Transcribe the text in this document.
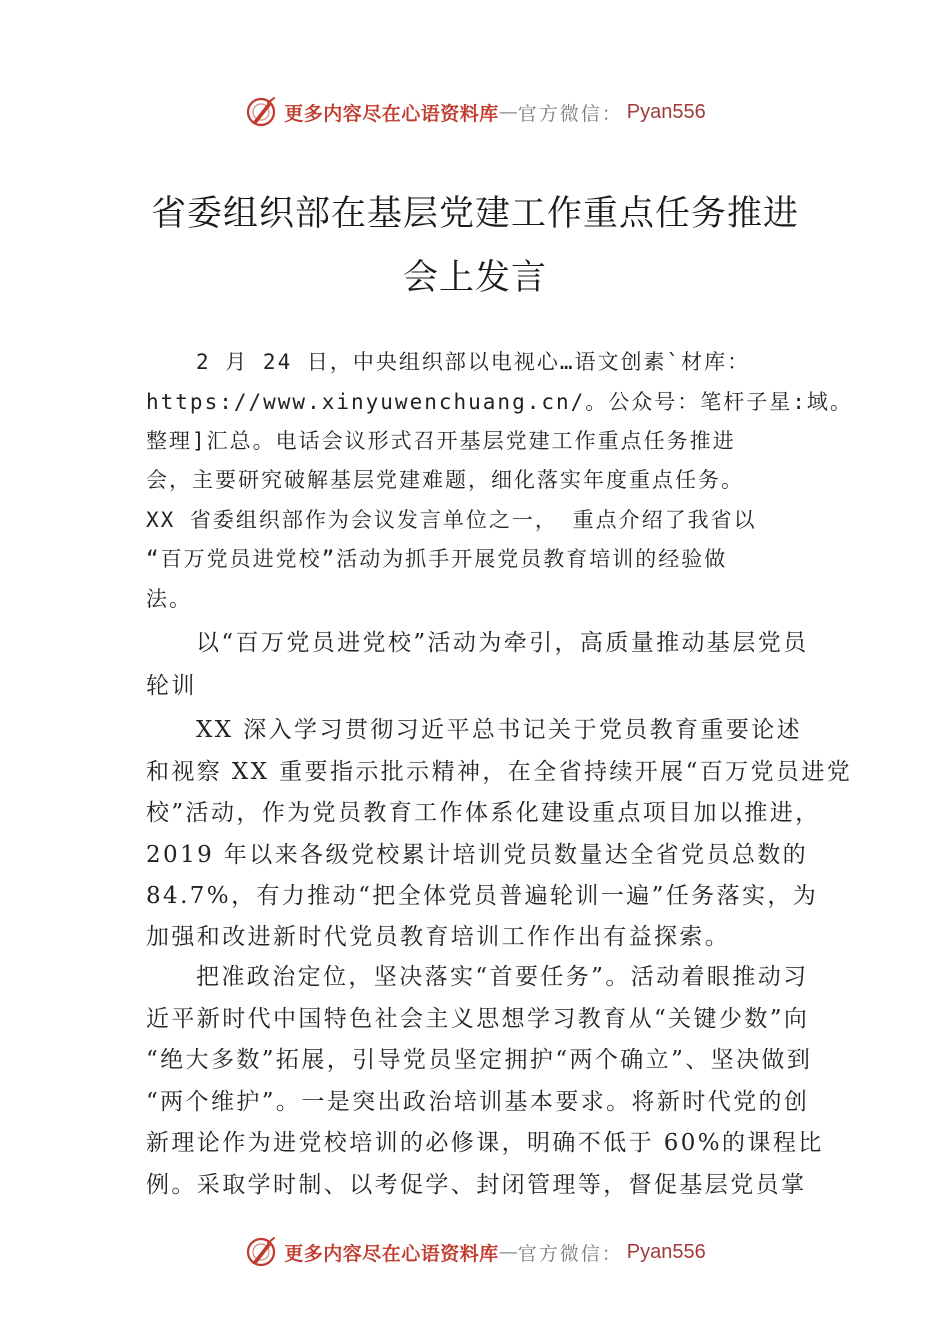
更多内容尽在心语资料库 — 官方微信： Pyan556
省委组织部在基层党建工作重点任务推进
会上发言
2 月 24 日，中央组织部以电视心…语文创素`材库：
https://www.xinyuwenchuang.cn/。公众号：笔杆子星:域。
整理]汇总。电话会议形式召开基层党建工作重点任务推进
会，主要研究破解基层党建难题，细化落实年度重点任务。
XX 省委组织部作为会议发言单位之一， 重点介绍了我省以
“百万党员进党校”活动为抓手开展党员教育培训的经验做
法。
以“百万党员进党校”活动为牵引，高质量推动基层党员
轮训
XX 深入学习贯彻习近平总书记关于党员教育重要论述
和视察 XX 重要指示批示精神，在全省持续开展“百万党员进党
校”活动，作为党员教育工作体系化建设重点项目加以推进，
2019 年以来各级党校累计培训党员数量达全省党员总数的
84.7%，有力推动“把全体党员普遍轮训一遍”任务落实，为
加强和改进新时代党员教育培训工作作出有益探索。
把准政治定位，坚决落实“首要任务”。活动着眼推动习
近平新时代中国特色社会主义思想学习教育从“关键少数”向
“绝大多数”拓展，引导党员坚定拥护“两个确立”、坚决做到
“两个维护”。一是突出政治培训基本要求。将新时代党的创
新理论作为进党校培训的必修课，明确不低于 60%的课程比
例。采取学时制、以考促学、封闭管理等，督促基层党员掌
更多内容尽在心语资料库 — 官方微信： Pyan556
